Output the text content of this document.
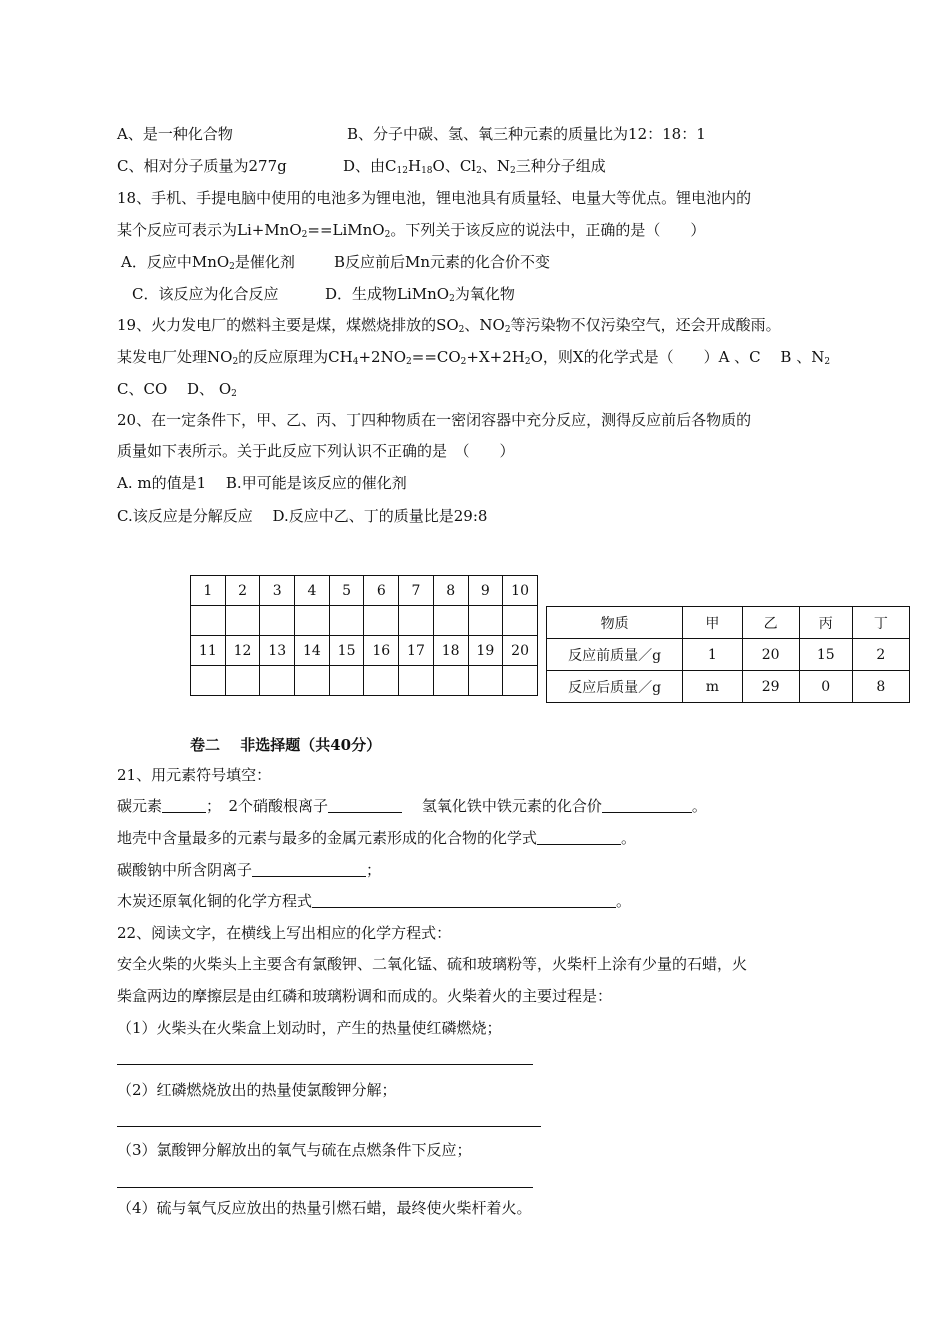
A、是一种化合物	B、分子中碳、氢、氧三种元素的质量比为12：18：1
C、相对分子质量为277g	D、由$C_{12}H_{18}O$、$Cl_2$、$N_2$三种分子组成
18、手机、手提电脑中使用的电池多为锂电池，锂电池具有质量轻、电量大等优点。锂电池内的
某个反应可表示为Li+MnO$_2$==LiMnO$_2$。下列关于该反应的说法中，正确的是（　　）
A．反应中MnO$_2$是催化剂	B反应前后Mn元素的化合价不变
C．该反应为化合反应	D．生成物LiMnO$_2$为氧化物
19、火力发电厂的燃料主要是煤，煤燃烧排放的$SO_2$、$NO_2$等污染物不仅污染空气，还会开成酸雨。
某发电厂处理$NO_2$的反应原理为$CH_4+2NO_2==CO_2+X+2H_2O$，则X的化学式是（　　）A 、C　 B 、$N_2$
C、CO　 D、 $O_2$
20、在一定条件下，甲、乙、丙、丁四种物质在一密闭容器中充分反应，测得反应前后各物质的
质量如下表所示。关于此反应下列认识不正确的是　（　　）
A. m的值是1　 B.甲可能是该反应的催化剂
C.该反应是分解反应　 D.反应中乙、丁的质量比是29:8
1	2	3	4	5	6	7	8	9	10

11	12	13	14	15	16	17	18	19	20

物质	甲	乙	丙	丁
反应前质量／g	1	20	15	2
反应后质量／g	m	29	0	8
卷二　 非选择题（共40分）
21、用元素符号填空：
碳元素	；　2个硝酸根离子	　 氢氧化铁中铁元素的化合价	。
地壳中含量最多的元素与最多的金属元素形成的化合物的化学式	。
碳酸钠中所含阴离子	；
木炭还原氧化铜的化学方程式	。
22、阅读文字，在横线上写出相应的化学方程式：
安全火柴的火柴头上主要含有氯酸钾、二氧化锰、硫和玻璃粉等，火柴杆上涂有少量的石蜡，火
柴盒两边的摩擦层是由红磷和玻璃粉调和而成的。火柴着火的主要过程是：
（1）火柴头在火柴盒上划动时，产生的热量使红磷燃烧；
（2）红磷燃烧放出的热量使氯酸钾分解；
（3）氯酸钾分解放出的氧气与硫在点燃条件下反应；
（4）硫与氧气反应放出的热量引燃石蜡，最终使火柴杆着火。
